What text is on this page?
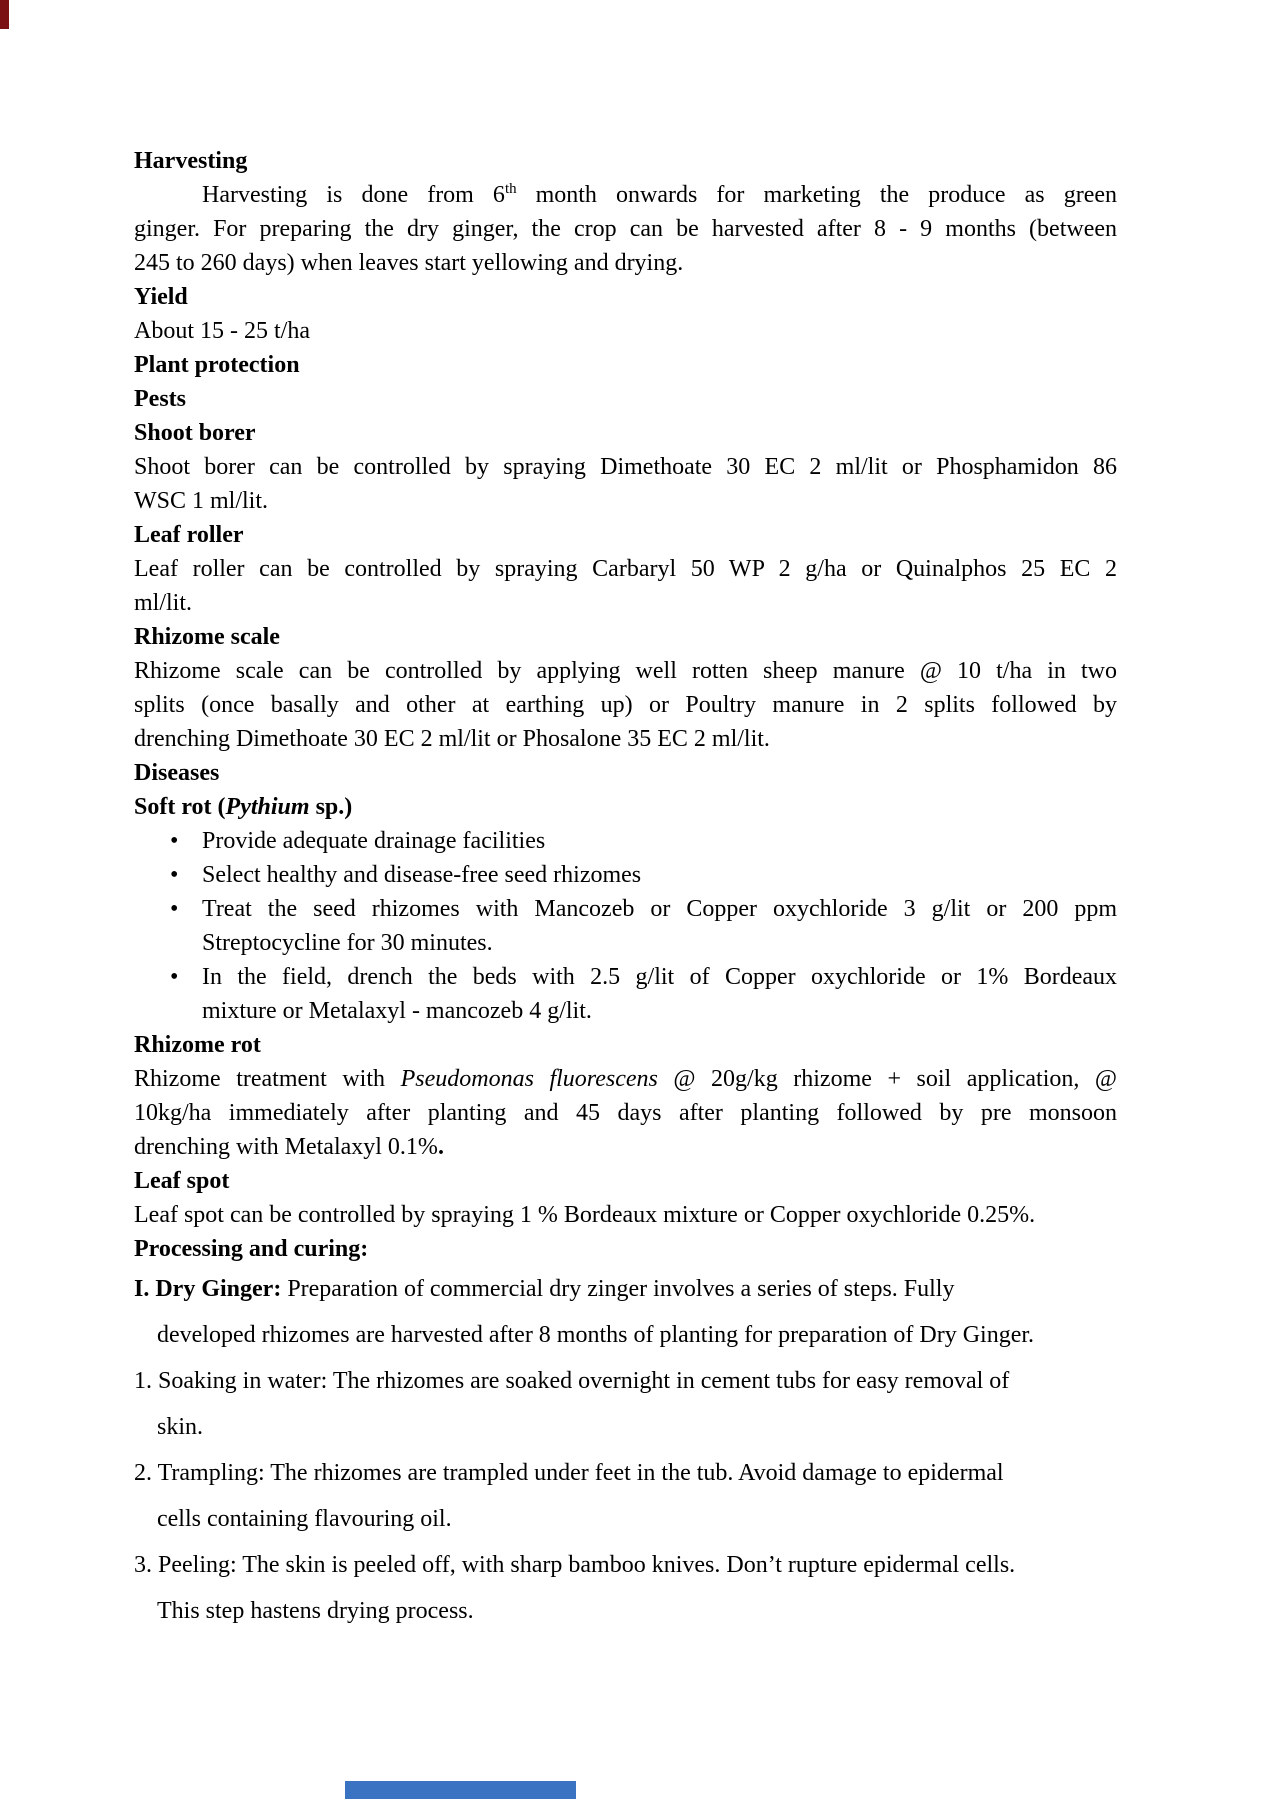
Harvesting
Harvesting is done from 6th month onwards for marketing the produce as green
ginger. For preparing the dry ginger, the crop can be harvested after 8 - 9 months (between
245 to 260 days) when leaves start yellowing and drying.
Yield
About 15 - 25 t/ha
Plant protection
Pests
Shoot borer
Shoot borer can be controlled by spraying Dimethoate 30 EC 2 ml/lit or Phosphamidon 86
WSC 1 ml/lit.
Leaf roller
Leaf roller can be controlled by spraying Carbaryl 50 WP 2 g/ha or Quinalphos 25 EC 2
ml/lit.
Rhizome scale
Rhizome scale can be controlled by applying well rotten sheep manure @ 10 t/ha in two
splits (once basally and other at earthing up) or Poultry manure in 2 splits followed by
drenching Dimethoate 30 EC 2 ml/lit or Phosalone 35 EC 2 ml/lit.
Diseases
Soft rot (Pythium sp.)
• Provide adequate drainage facilities
• Select healthy and disease-free seed rhizomes
• Treat the seed rhizomes with Mancozeb or Copper oxychloride 3 g/lit or 200 ppm
Streptocycline for 30 minutes.
• In the field, drench the beds with 2.5 g/lit of Copper oxychloride or 1% Bordeaux
mixture or Metalaxyl - mancozeb 4 g/lit.
Rhizome rot
Rhizome treatment with Pseudomonas fluorescens @ 20g/kg rhizome + soil application, @
10kg/ha immediately after planting and 45 days after planting followed by pre monsoon
drenching with Metalaxyl 0.1%.
Leaf spot
Leaf spot can be controlled by spraying 1 % Bordeaux mixture or Copper oxychloride 0.25%.
Processing and curing:
I. Dry Ginger: Preparation of commercial dry zinger involves a series of steps. Fully
developed rhizomes are harvested after 8 months of planting for preparation of Dry Ginger.
1. Soaking in water: The rhizomes are soaked overnight in cement tubs for easy removal of
skin.
2. Trampling: The rhizomes are trampled under feet in the tub. Avoid damage to epidermal
cells containing flavouring oil.
3. Peeling: The skin is peeled off, with sharp bamboo knives. Don’t rupture epidermal cells.
This step hastens drying process.
